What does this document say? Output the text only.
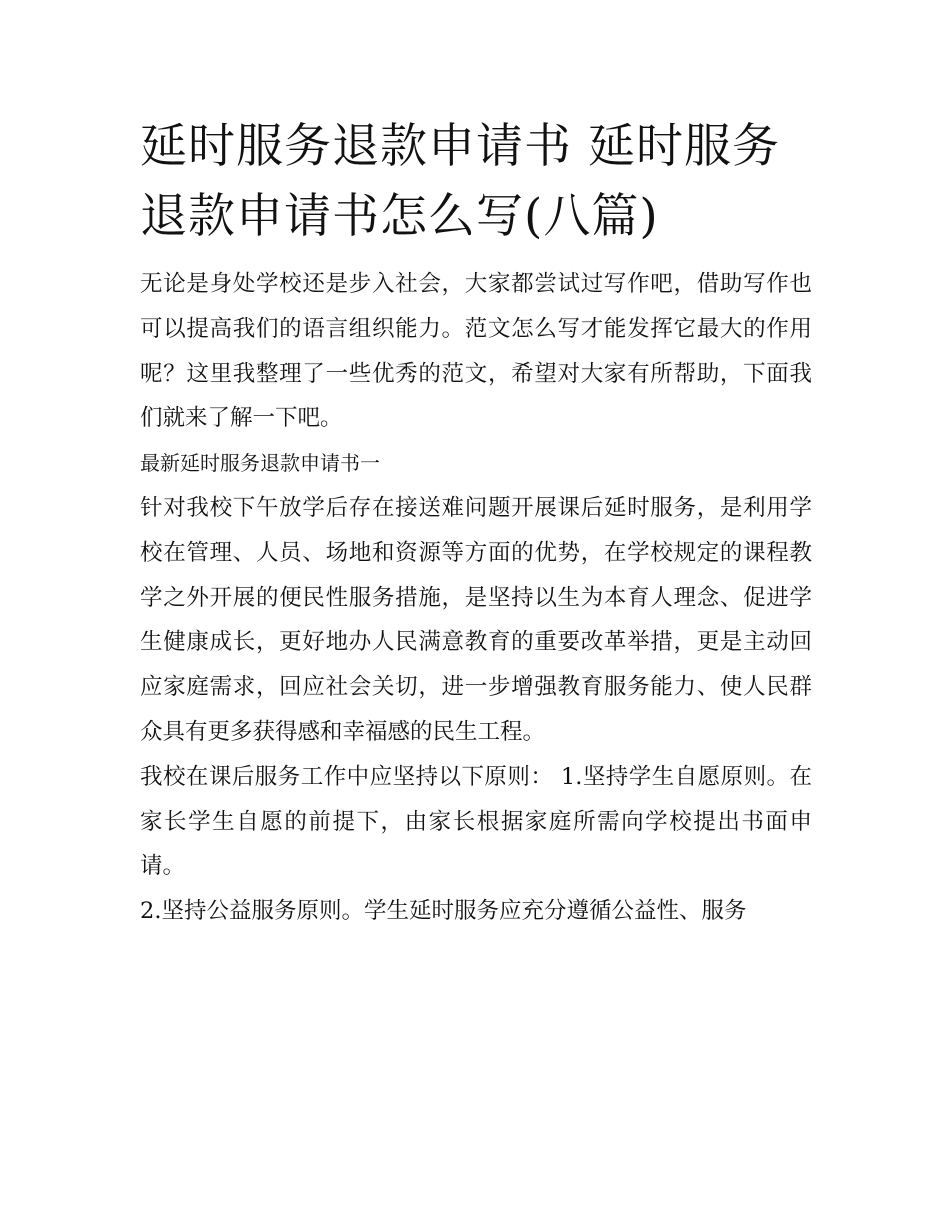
延时服务退款申请书 延时服务退款申请书怎么写(八篇)

无论是身处学校还是步入社会，大家都尝试过写作吧，借助写作也可以提高我们的语言组织能力。范文怎么写才能发挥它最大的作用呢？这里我整理了一些优秀的范文，希望对大家有所帮助，下面我们就来了解一下吧。

最新延时服务退款申请书一

针对我校下午放学后存在接送难问题开展课后延时服务，是利用学校在管理、人员、场地和资源等方面的优势，在学校规定的课程教学之外开展的便民性服务措施，是坚持以生为本育人理念、促进学生健康成长，更好地办人民满意教育的重要改革举措，更是主动回应家庭需求，回应社会关切，进一步增强教育服务能力、使人民群众具有更多获得感和幸福感的民生工程。

我校在课后服务工作中应坚持以下原则： 1.坚持学生自愿原则。在家长学生自愿的前提下，由家长根据家庭所需向学校提出书面申请。

2.坚持公益服务原则。学生延时服务应充分遵循公益性、服务
